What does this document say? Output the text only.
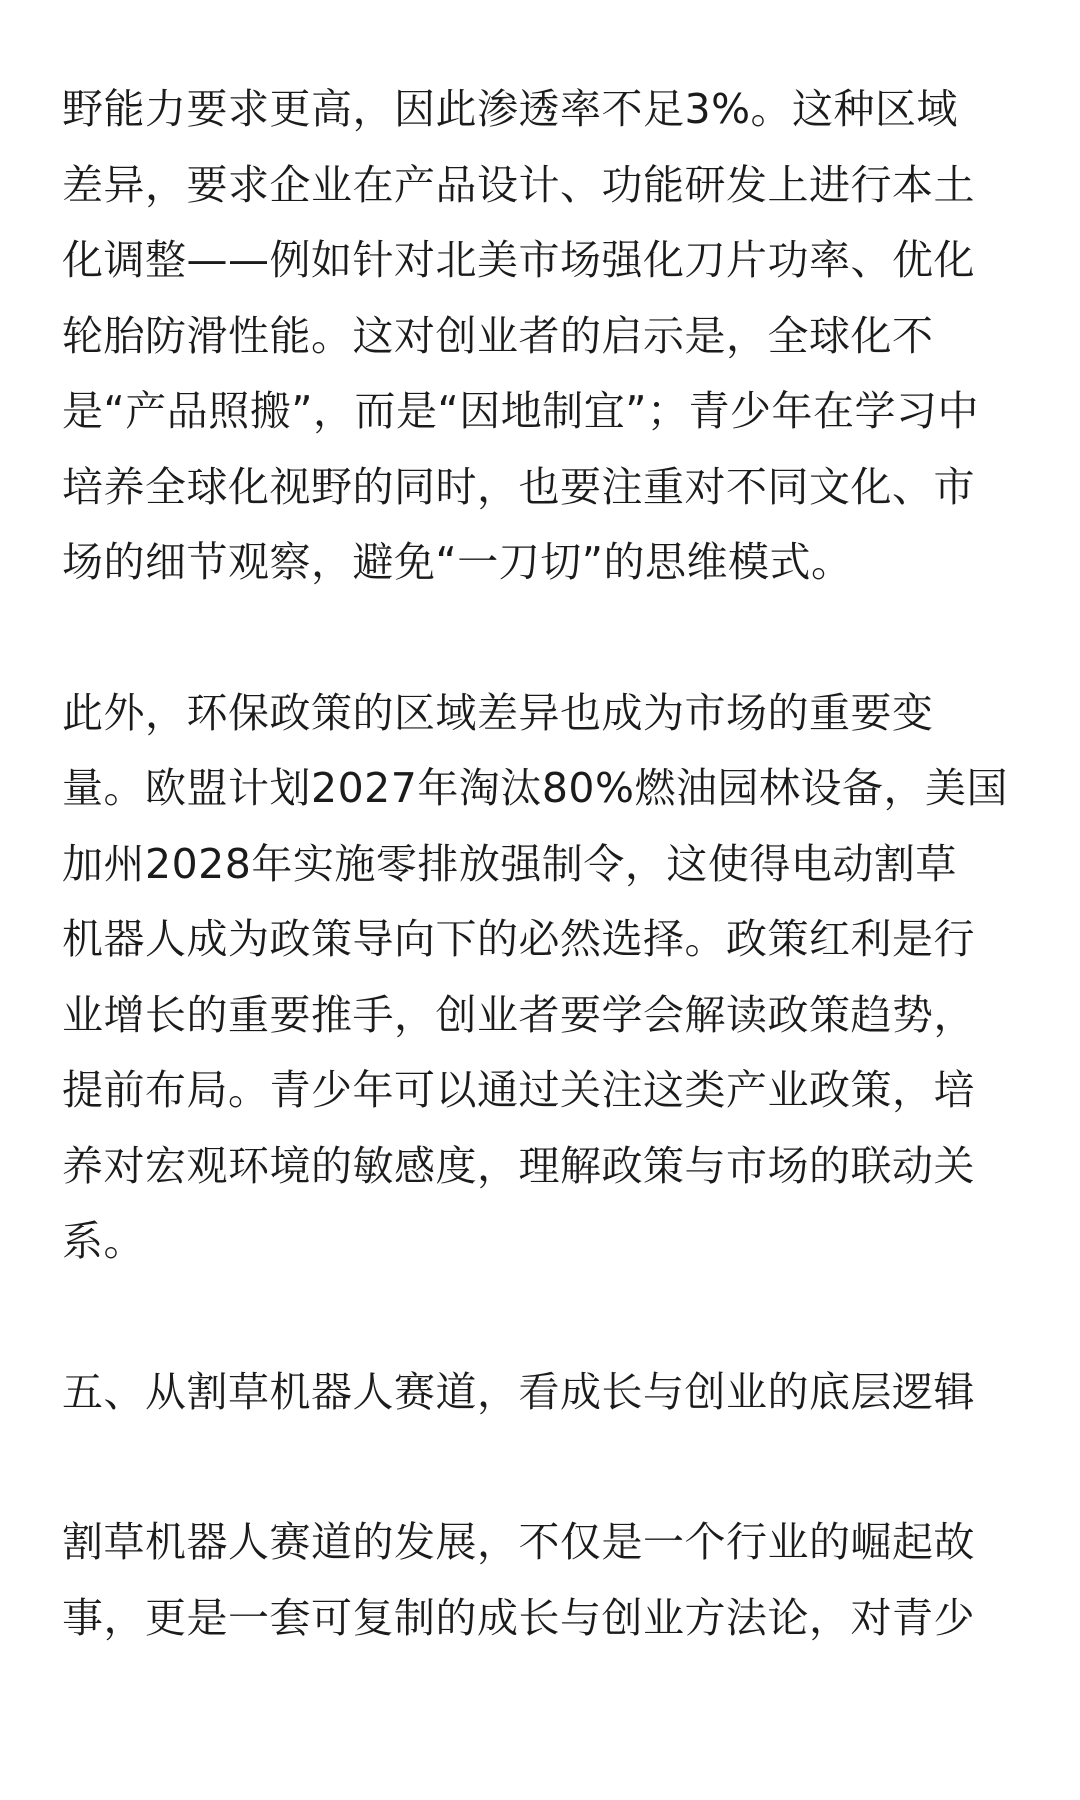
野能力要求更高，因此渗透率不足3%。这种区域
差异，要求企业在产品设计、功能研发上进行本土
化调整——例如针对北美市场强化刀片功率、优化
轮胎防滑性能。这对创业者的启示是，全球化不
是“产品照搬”，而是“因地制宜”；青少年在学习中
培养全球化视野的同时，也要注重对不同文化、市
场的细节观察，避免“一刀切”的思维模式。

此外，环保政策的区域差异也成为市场的重要变
量。欧盟计划2027年淘汰80%燃油园林设备，美国
加州2028年实施零排放强制令，这使得电动割草
机器人成为政策导向下的必然选择。政策红利是行
业增长的重要推手，创业者要学会解读政策趋势，
提前布局。青少年可以通过关注这类产业政策，培
养对宏观环境的敏感度，理解政策与市场的联动关
系。

五、从割草机器人赛道，看成长与创业的底层逻辑

割草机器人赛道的发展，不仅是一个行业的崛起故
事，更是一套可复制的成长与创业方法论，对青少
